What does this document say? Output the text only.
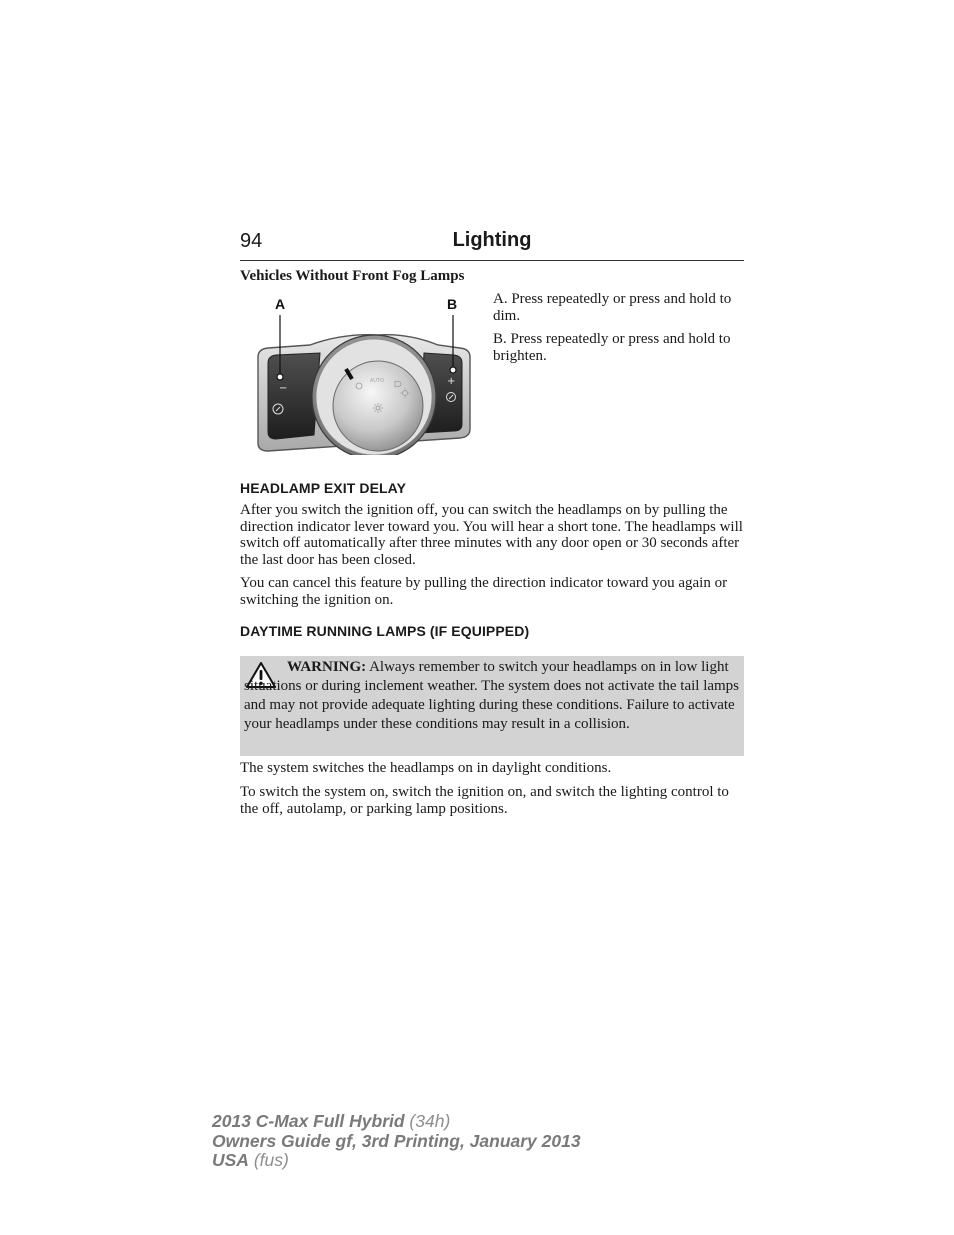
94	Lighting
Vehicles Without Front Fog Lamps
−
+
AUTO
A	B A. Press repeatedly or press and hold to dim.

B. Press repeatedly or press and hold to brighten.

HEADLAMP EXIT DELAY

After you switch the ignition off, you can switch the headlamps on by pulling the direction indicator lever toward you. You will hear a short tone. The headlamps will switch off automatically after three minutes with any door open or 30 seconds after the last door has been closed.

You can cancel this feature by pulling the direction indicator toward you again or switching the ignition on.

DAYTIME RUNNING LAMPS (IF EQUIPPED)

WARNING: Always remember to switch your headlamps on in low light situations or during inclement weather. The system does not activate the tail lamps and may not provide adequate lighting during these conditions. Failure to activate your headlamps under these conditions may result in a collision.

The system switches the headlamps on in daylight conditions.

To switch the system on, switch the ignition on, and switch the lighting control to the off, autolamp, or parking lamp positions.

2013 C-Max Full Hybrid (34h)
Owners Guide gf, 3rd Printing, January 2013
USA (fus)
